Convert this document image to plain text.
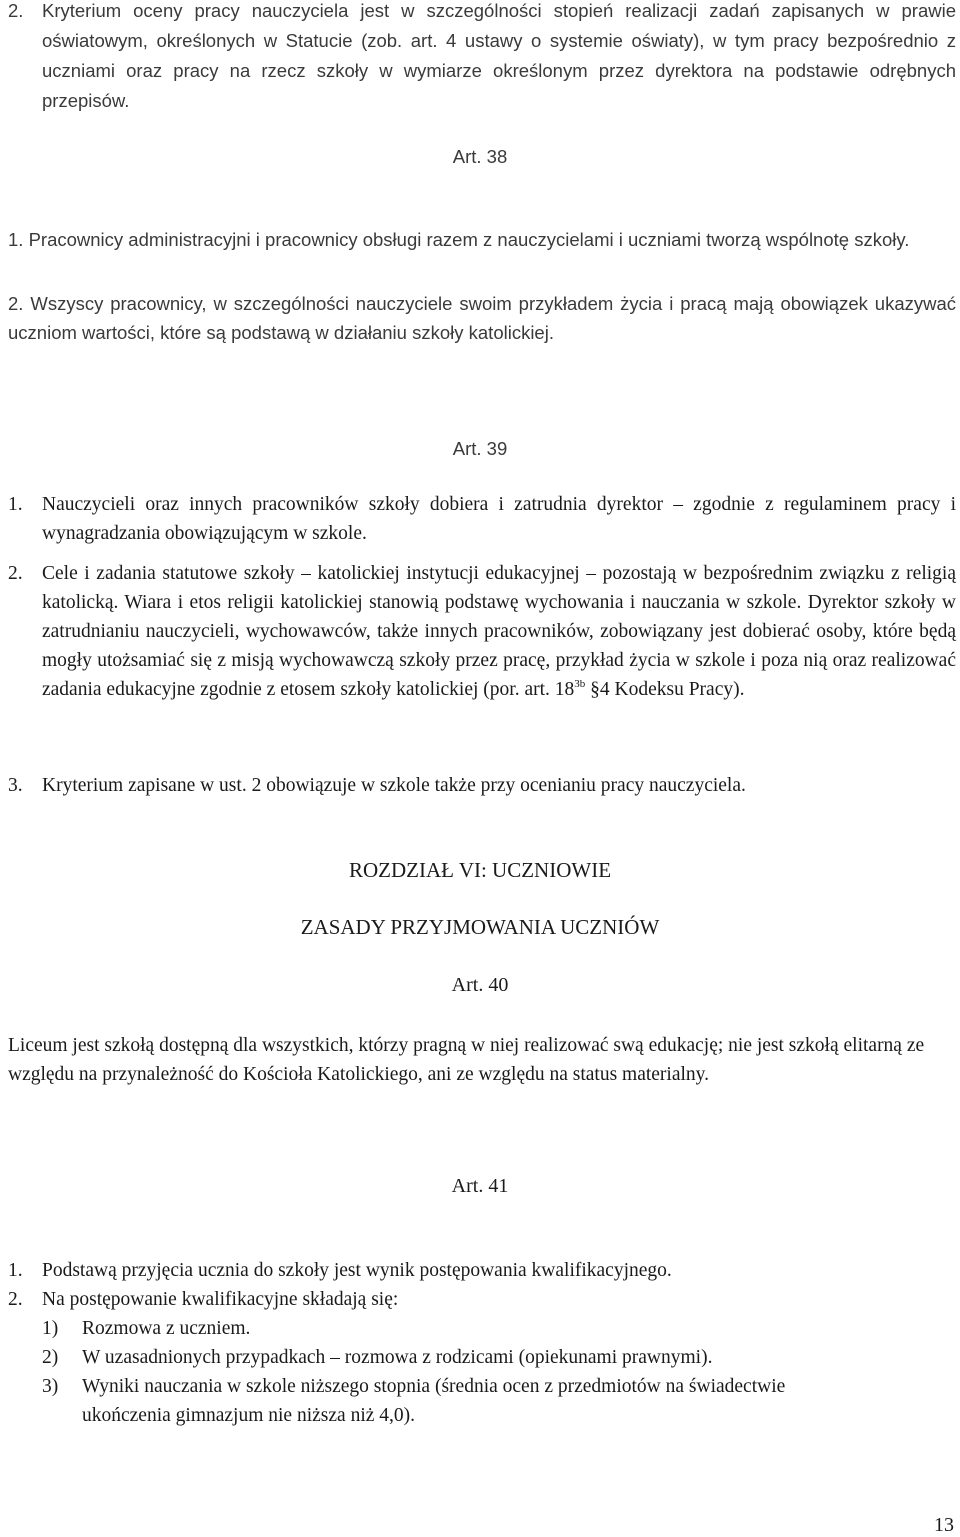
2.	Kryterium oceny pracy nauczyciela jest w szczególności stopień realizacji zadań zapisanych w prawie oświatowym, określonych w Statucie (zob. art. 4 ustawy o systemie oświaty), w tym pracy bezpośrednio z uczniami oraz pracy na rzecz szkoły w wymiarze określonym przez dyrektora na podstawie odrębnych przepisów.
Art. 38
1. Pracownicy administracyjni i pracownicy obsługi razem z nauczycielami i uczniami tworzą wspólnotę szkoły.
2. Wszyscy pracownicy, w szczególności nauczyciele swoim przykładem życia i pracą mają obowiązek ukazywać uczniom wartości, które są podstawą w działaniu szkoły katolickiej.
Art. 39
1. Nauczycieli oraz innych pracowników szkoły dobiera i zatrudnia dyrektor – zgodnie z regulaminem pracy i wynagradzania obowiązującym w szkole.
2. Cele i zadania statutowe szkoły – katolickiej instytucji edukacyjnej – pozostają w bezpośrednim związku z religią katolicką. Wiara i etos religii katolickiej stanowią podstawę wychowania i nauczania w szkole. Dyrektor szkoły w zatrudnianiu nauczycieli, wychowawców, także innych pracowników, zobowiązany jest dobierać osoby, które będą mogły utożsamiać się z misją wychowawczą szkoły przez pracę, przykład życia w szkole i poza nią oraz realizować zadania edukacyjne zgodnie z etosem szkoły katolickiej (por. art. $18^{3b}$ §4 Kodeksu Pracy).
3. Kryterium zapisane w ust. 2 obowiązuje w szkole także przy ocenianiu pracy nauczyciela.
ROZDZIAŁ VI: UCZNIOWIE
ZASADY PRZYJMOWANIA UCZNIÓW
Art. 40
Liceum jest szkołą dostępną dla wszystkich, którzy pragną w niej realizować swą edukację; nie jest szkołą elitarną ze względu na przynależność do Kościoła Katolickiego, ani ze względu na status materialny.
Art. 41
1. Podstawą przyjęcia ucznia do szkoły jest wynik postępowania kwalifikacyjnego.
2. Na postępowanie kwalifikacyjne składają się:
1)	Rozmowa z uczniem.
2)	W uzasadnionych przypadkach – rozmowa z rodzicami (opiekunami prawnymi).
3)	Wyniki nauczania w szkole niższego stopnia (średnia ocen z przedmiotów na świadectwie ukończenia gimnazjum nie niższa niż 4,0).
13
